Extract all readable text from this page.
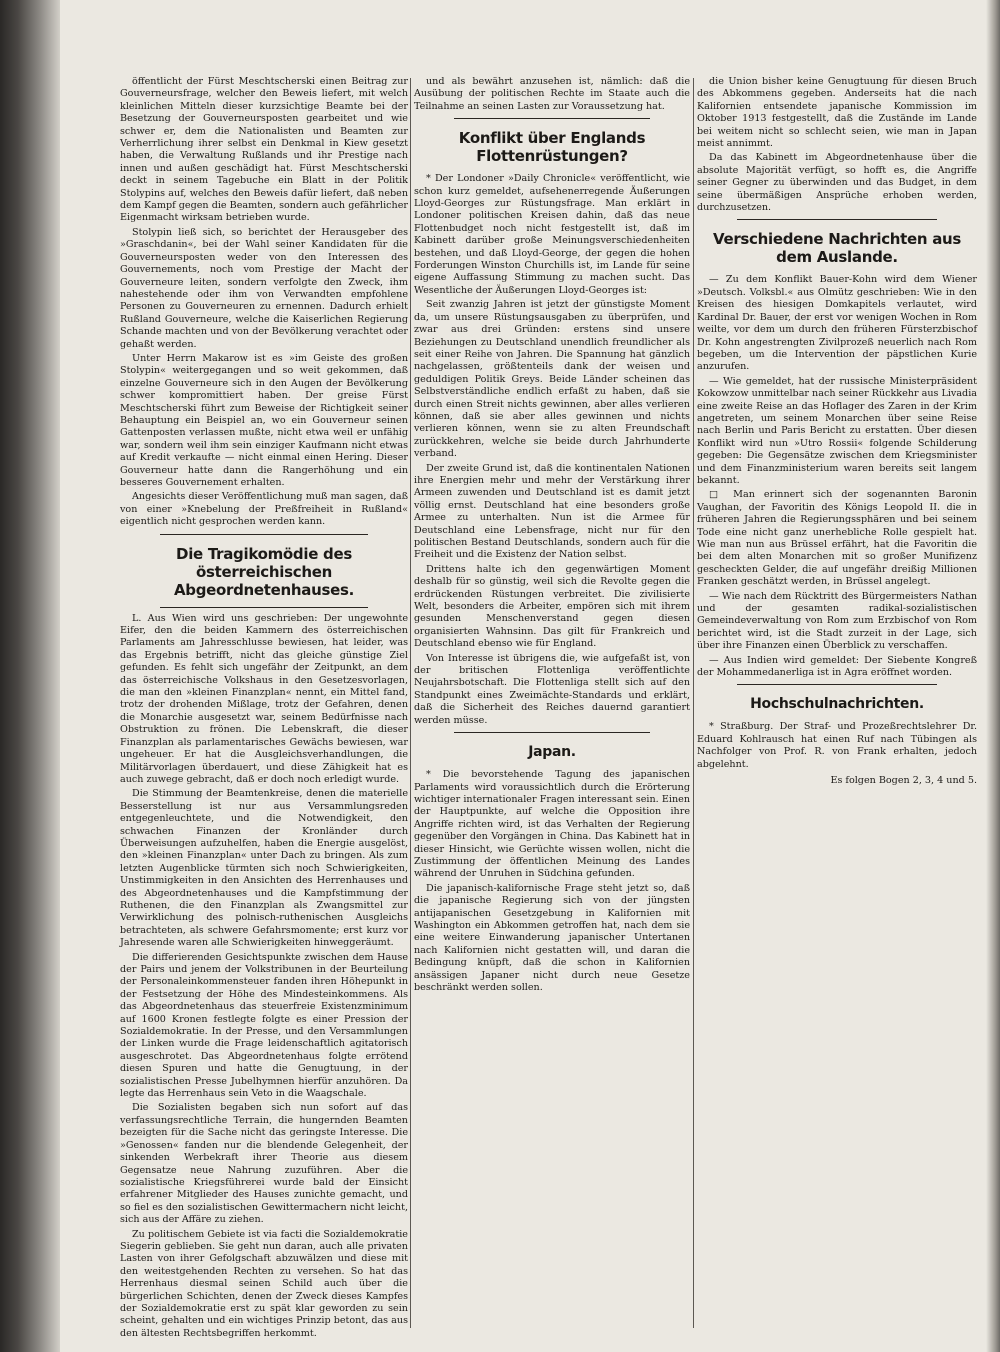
öffentlicht der Fürst Meschtscherski einen Beitrag zur Gouverneursfrage, welcher den Beweis liefert, mit welch kleinlichen Mitteln dieser kurzsichtige Beamte bei der Besetzung der Gouverneursposten gearbeitet und wie schwer er, dem die Nationalisten und Beamten zur Verherrlichung ihrer selbst ein Denkmal in Kiew gesetzt haben, die Verwaltung Rußlands und ihr Prestige nach innen und außen geschädigt hat. Fürst Meschtscherski deckt in seinem Tagebuche ein Blatt in der Politik Stolypins auf, welches den Beweis dafür liefert, daß neben dem Kampf gegen die Beamten, sondern auch gefährlicher Eigenmacht wirksam betrieben wurde.

Stolypin ließ sich, so berichtet der Herausgeber des »Graschdanin«, bei der Wahl seiner Kandidaten für die Gouverneursposten weder von den Interessen des Gouvernements, noch vom Prestige der Macht der Gouverneure leiten, sondern verfolgte den Zweck, ihm nahestehende oder ihm von Verwandten empfohlene Personen zu Gouverneuren zu ernennen. Dadurch erhielt Rußland Gouverneure, welche die Kaiserlichen Regierung Schande machten und von der Bevölkerung verachtet oder gehaßt werden.

Unter Herrn Makarow ist es »im Geiste des großen Stolypin« weitergegangen und so weit gekommen, daß einzelne Gouverneure sich in den Augen der Bevölkerung schwer kompromittiert haben. Der greise Fürst Meschtscherski führt zum Beweise der Richtigkeit seiner Behauptung ein Beispiel an, wo ein Gouverneur seinen Gattenposten verlassen mußte, nicht etwa weil er unfähig war, sondern weil ihm sein einziger Kaufmann nicht etwas auf Kredit verkaufte — nicht einmal einen Hering. Dieser Gouverneur hatte dann die Rangerhöhung und ein besseres Gouvernement erhalten.

Angesichts dieser Veröffentlichung muß man sagen, daß von einer »Knebelung der Preßfreiheit in Rußland« eigentlich nicht gesprochen werden kann.

Die Tragikomödie des österreichischen Abgeordnetenhauses.

L. Aus Wien wird uns geschrieben: Der ungewohnte Eifer, den die beiden Kammern des österreichischen Parlaments am Jahresschlusse bewiesen, hat leider, was das Ergebnis betrifft, nicht das gleiche günstige Ziel gefunden. Es fehlt sich ungefähr der Zeitpunkt, an dem das österreichische Volkshaus in den Gesetzesvorlagen, die man den »kleinen Finanzplan« nennt, ein Mittel fand, trotz der drohenden Mißlage, trotz der Gefahren, denen die Monarchie ausgesetzt war, seinem Bedürfnisse nach Obstruktion zu frönen. Die Lebenskraft, die dieser Finanzplan als parlamentarisches Gewächs bewiesen, war ungeheuer. Er hat die Ausgleichsverhandlungen, die Militärvorlagen überdauert, und diese Zähigkeit hat es auch zuwege gebracht, daß er doch noch erledigt wurde.

Die Stimmung der Beamtenkreise, denen die materielle Besserstellung ist nur aus Versammlungsreden entgegenleuchtete, und die Notwendigkeit, den schwachen Finanzen der Kronländer durch Überweisungen aufzuhelfen, haben die Energie ausgelöst, den »kleinen Finanzplan« unter Dach zu bringen. Als zum letzten Augenblicke türmten sich noch Schwierigkeiten, Unstimmigkeiten in den Ansichten des Herrenhauses und des Abgeordnetenhauses und die Kampfstimmung der Ruthenen, die den Finanzplan als Zwangsmittel zur Verwirklichung des polnisch-ruthenischen Ausgleichs betrachteten, als schwere Gefahrsmomente; erst kurz vor Jahresende waren alle Schwierigkeiten hinweggeräumt.

Die differierenden Gesichtspunkte zwischen dem Hause der Pairs und jenem der Volkstribunen in der Beurteilung der Personaleinkommensteuer fanden ihren Höhepunkt in der Festsetzung der Höhe des Mindesteinkommens. Als das Abgeordnetenhaus das steuerfreie Existenzminimum auf 1600 Kronen festlegte folgte es einer Pression der Sozialdemokratie. In der Presse, und den Versammlungen der Linken wurde die Frage leidenschaftlich agitatorisch ausgeschrotet. Das Abgeordnetenhaus folgte errötend diesen Spuren und hatte die Genugtuung, in der sozialistischen Presse Jubelhymnen hierfür anzuhören. Da legte das Herrenhaus sein Veto in die Waagschale.

Die Sozialisten begaben sich nun sofort auf das verfassungsrechtliche Terrain, die hungernden Beamten bezeigten für die Sache nicht das geringste Interesse. Die »Genossen« fanden nur die blendende Gelegenheit, der sinkenden Werbekraft ihrer Theorie aus diesem Gegensatze neue Nahrung zuzuführen. Aber die sozialistische Kriegsführerei wurde bald der Einsicht erfahrener Mitglieder des Hauses zunichte gemacht, und so fiel es den sozialistischen Gewittermachern nicht leicht, sich aus der Affäre zu ziehen.

Zu politischem Gebiete ist via facti die Sozialdemokratie Siegerin geblieben. Sie geht nun daran, auch alle privaten Lasten von ihrer Gefolgschaft abzuwälzen und diese mit den weitestgehenden Rechten zu versehen. So hat das Herrenhaus diesmal seinen Schild auch über die bürgerlichen Schichten, denen der Zweck dieses Kampfes der Sozialdemokratie erst zu spät klar geworden zu sein scheint, gehalten und ein wichtiges Prinzip betont, das aus den ältesten Rechtsbegriffen herkommt.

und als bewährt anzusehen ist, nämlich: daß die Ausübung der politischen Rechte im Staate auch die Teilnahme an seinen Lasten zur Voraussetzung hat.

Konflikt über Englands Flottenrüstungen?

* Der Londoner »Daily Chronicle« veröffentlicht, wie schon kurz gemeldet, aufsehenerregende Äußerungen Lloyd-Georges zur Rüstungsfrage. Man erklärt in Londoner politischen Kreisen dahin, daß das neue Flottenbudget noch nicht festgestellt ist, daß im Kabinett darüber große Meinungsverschiedenheiten bestehen, und daß Lloyd-George, der gegen die hohen Forderungen Winston Churchills ist, im Lande für seine eigene Auffassung Stimmung zu machen sucht. Das Wesentliche der Äußerungen Lloyd-Georges ist:

Seit zwanzig Jahren ist jetzt der günstigste Moment da, um unsere Rüstungsausgaben zu überprüfen, und zwar aus drei Gründen: erstens sind unsere Beziehungen zu Deutschland unendlich freundlicher als seit einer Reihe von Jahren. Die Spannung hat gänzlich nachgelassen, größtenteils dank der weisen und geduldigen Politik Greys. Beide Länder scheinen das Selbstverständliche endlich erfaßt zu haben, daß sie durch einen Streit nichts gewinnen, aber alles verlieren können, daß sie aber alles gewinnen und nichts verlieren können, wenn sie zu alten Freundschaft zurückkehren, welche sie beide durch Jahrhunderte verband.

Der zweite Grund ist, daß die kontinentalen Nationen ihre Energien mehr und mehr der Verstärkung ihrer Armeen zuwenden und Deutschland ist es damit jetzt völlig ernst. Deutschland hat eine besonders große Armee zu unterhalten. Nun ist die Armee für Deutschland eine Lebensfrage, nicht nur für den politischen Bestand Deutschlands, sondern auch für die Freiheit und die Existenz der Nation selbst.

Drittens halte ich den gegenwärtigen Moment deshalb für so günstig, weil sich die Revolte gegen die erdrückenden Rüstungen verbreitet. Die zivilisierte Welt, besonders die Arbeiter, empören sich mit ihrem gesunden Menschenverstand gegen diesen organisierten Wahnsinn. Das gilt für Frankreich und Deutschland ebenso wie für England.

Von Interesse ist übrigens die, wie aufgefaßt ist, von der britischen Flottenliga veröffentlichte Neujahrsbotschaft. Die Flottenliga stellt sich auf den Standpunkt eines Zweimächte-Standards und erklärt, daß die Sicherheit des Reiches dauernd garantiert werden müsse.

Japan.

* Die bevorstehende Tagung des japanischen Parlaments wird voraussichtlich durch die Erörterung wichtiger internationaler Fragen interessant sein. Einen der Hauptpunkte, auf welche die Opposition ihre Angriffe richten wird, ist das Verhalten der Regierung gegenüber den Vorgängen in China. Das Kabinett hat in dieser Hinsicht, wie Gerüchte wissen wollen, nicht die Zustimmung der öffentlichen Meinung des Landes während der Unruhen in Südchina gefunden.

Die japanisch-kalifornische Frage steht jetzt so, daß die japanische Regierung sich von der jüngsten antijapanischen Gesetzgebung in Kalifornien mit Washington ein Abkommen getroffen hat, nach dem sie eine weitere Einwanderung japanischer Untertanen nach Kalifornien nicht gestatten will, und daran die Bedingung knüpft, daß die schon in Kalifornien ansässigen Japaner nicht durch neue Gesetze beschränkt werden sollen.

die Union bisher keine Genugtuung für diesen Bruch des Abkommens gegeben. Anderseits hat die nach Kalifornien entsendete japanische Kommission im Oktober 1913 festgestellt, daß die Zustände im Lande bei weitem nicht so schlecht seien, wie man in Japan meist annimmt.

Da das Kabinett im Abgeordnetenhause über die absolute Majorität verfügt, so hofft es, die Angriffe seiner Gegner zu überwinden und das Budget, in dem seine übermäßigen Ansprüche erhoben werden, durchzusetzen.

Verschiedene Nachrichten aus dem Auslande.

— Zu dem Konflikt Bauer-Kohn wird dem Wiener »Deutsch. Volksbl.« aus Olmütz geschrieben: Wie in den Kreisen des hiesigen Domkapitels verlautet, wird Kardinal Dr. Bauer, der erst vor wenigen Wochen in Rom weilte, vor dem um durch den früheren Fürsterzbischof Dr. Kohn angestrengten Zivilprozeß neuerlich nach Rom begeben, um die Intervention der päpstlichen Kurie anzurufen.

— Wie gemeldet, hat der russische Ministerpräsident Kokowzow unmittelbar nach seiner Rückkehr aus Livadia eine zweite Reise an das Hoflager des Zaren in der Krim angetreten, um seinem Monarchen über seine Reise nach Berlin und Paris Bericht zu erstatten. Über diesen Konflikt wird nun »Utro Rossii« folgende Schilderung gegeben: Die Gegensätze zwischen dem Kriegsminister und dem Finanzministerium waren bereits seit langem bekannt.

□ Man erinnert sich der sogenannten Baronin Vaughan, der Favoritin des Königs Leopold II. die in früheren Jahren die Regierungssphären und bei seinem Tode eine nicht ganz unerhebliche Rolle gespielt hat. Wie man nun aus Brüssel erfährt, hat die Favoritin die bei dem alten Monarchen mit so großer Munifizenz gescheckten Gelder, die auf ungefähr dreißig Millionen Franken geschätzt werden, in Brüssel angelegt.

— Wie nach dem Rücktritt des Bürgermeisters Nathan und der gesamten radikal-sozialistischen Gemeindeverwaltung von Rom zum Erzbischof von Rom berichtet wird, ist die Stadt zurzeit in der Lage, sich über ihre Finanzen einen Überblick zu verschaffen.

— Aus Indien wird gemeldet: Der Siebente Kongreß der Mohammedanerliga ist in Agra eröffnet worden.

Hochschulnachrichten.

* Straßburg. Der Straf- und Prozeßrechtslehrer Dr. Eduard Kohlrausch hat einen Ruf nach Tübingen als Nachfolger von Prof. R. von Frank erhalten, jedoch abgelehnt.

Es folgen Bogen 2, 3, 4 und 5.
